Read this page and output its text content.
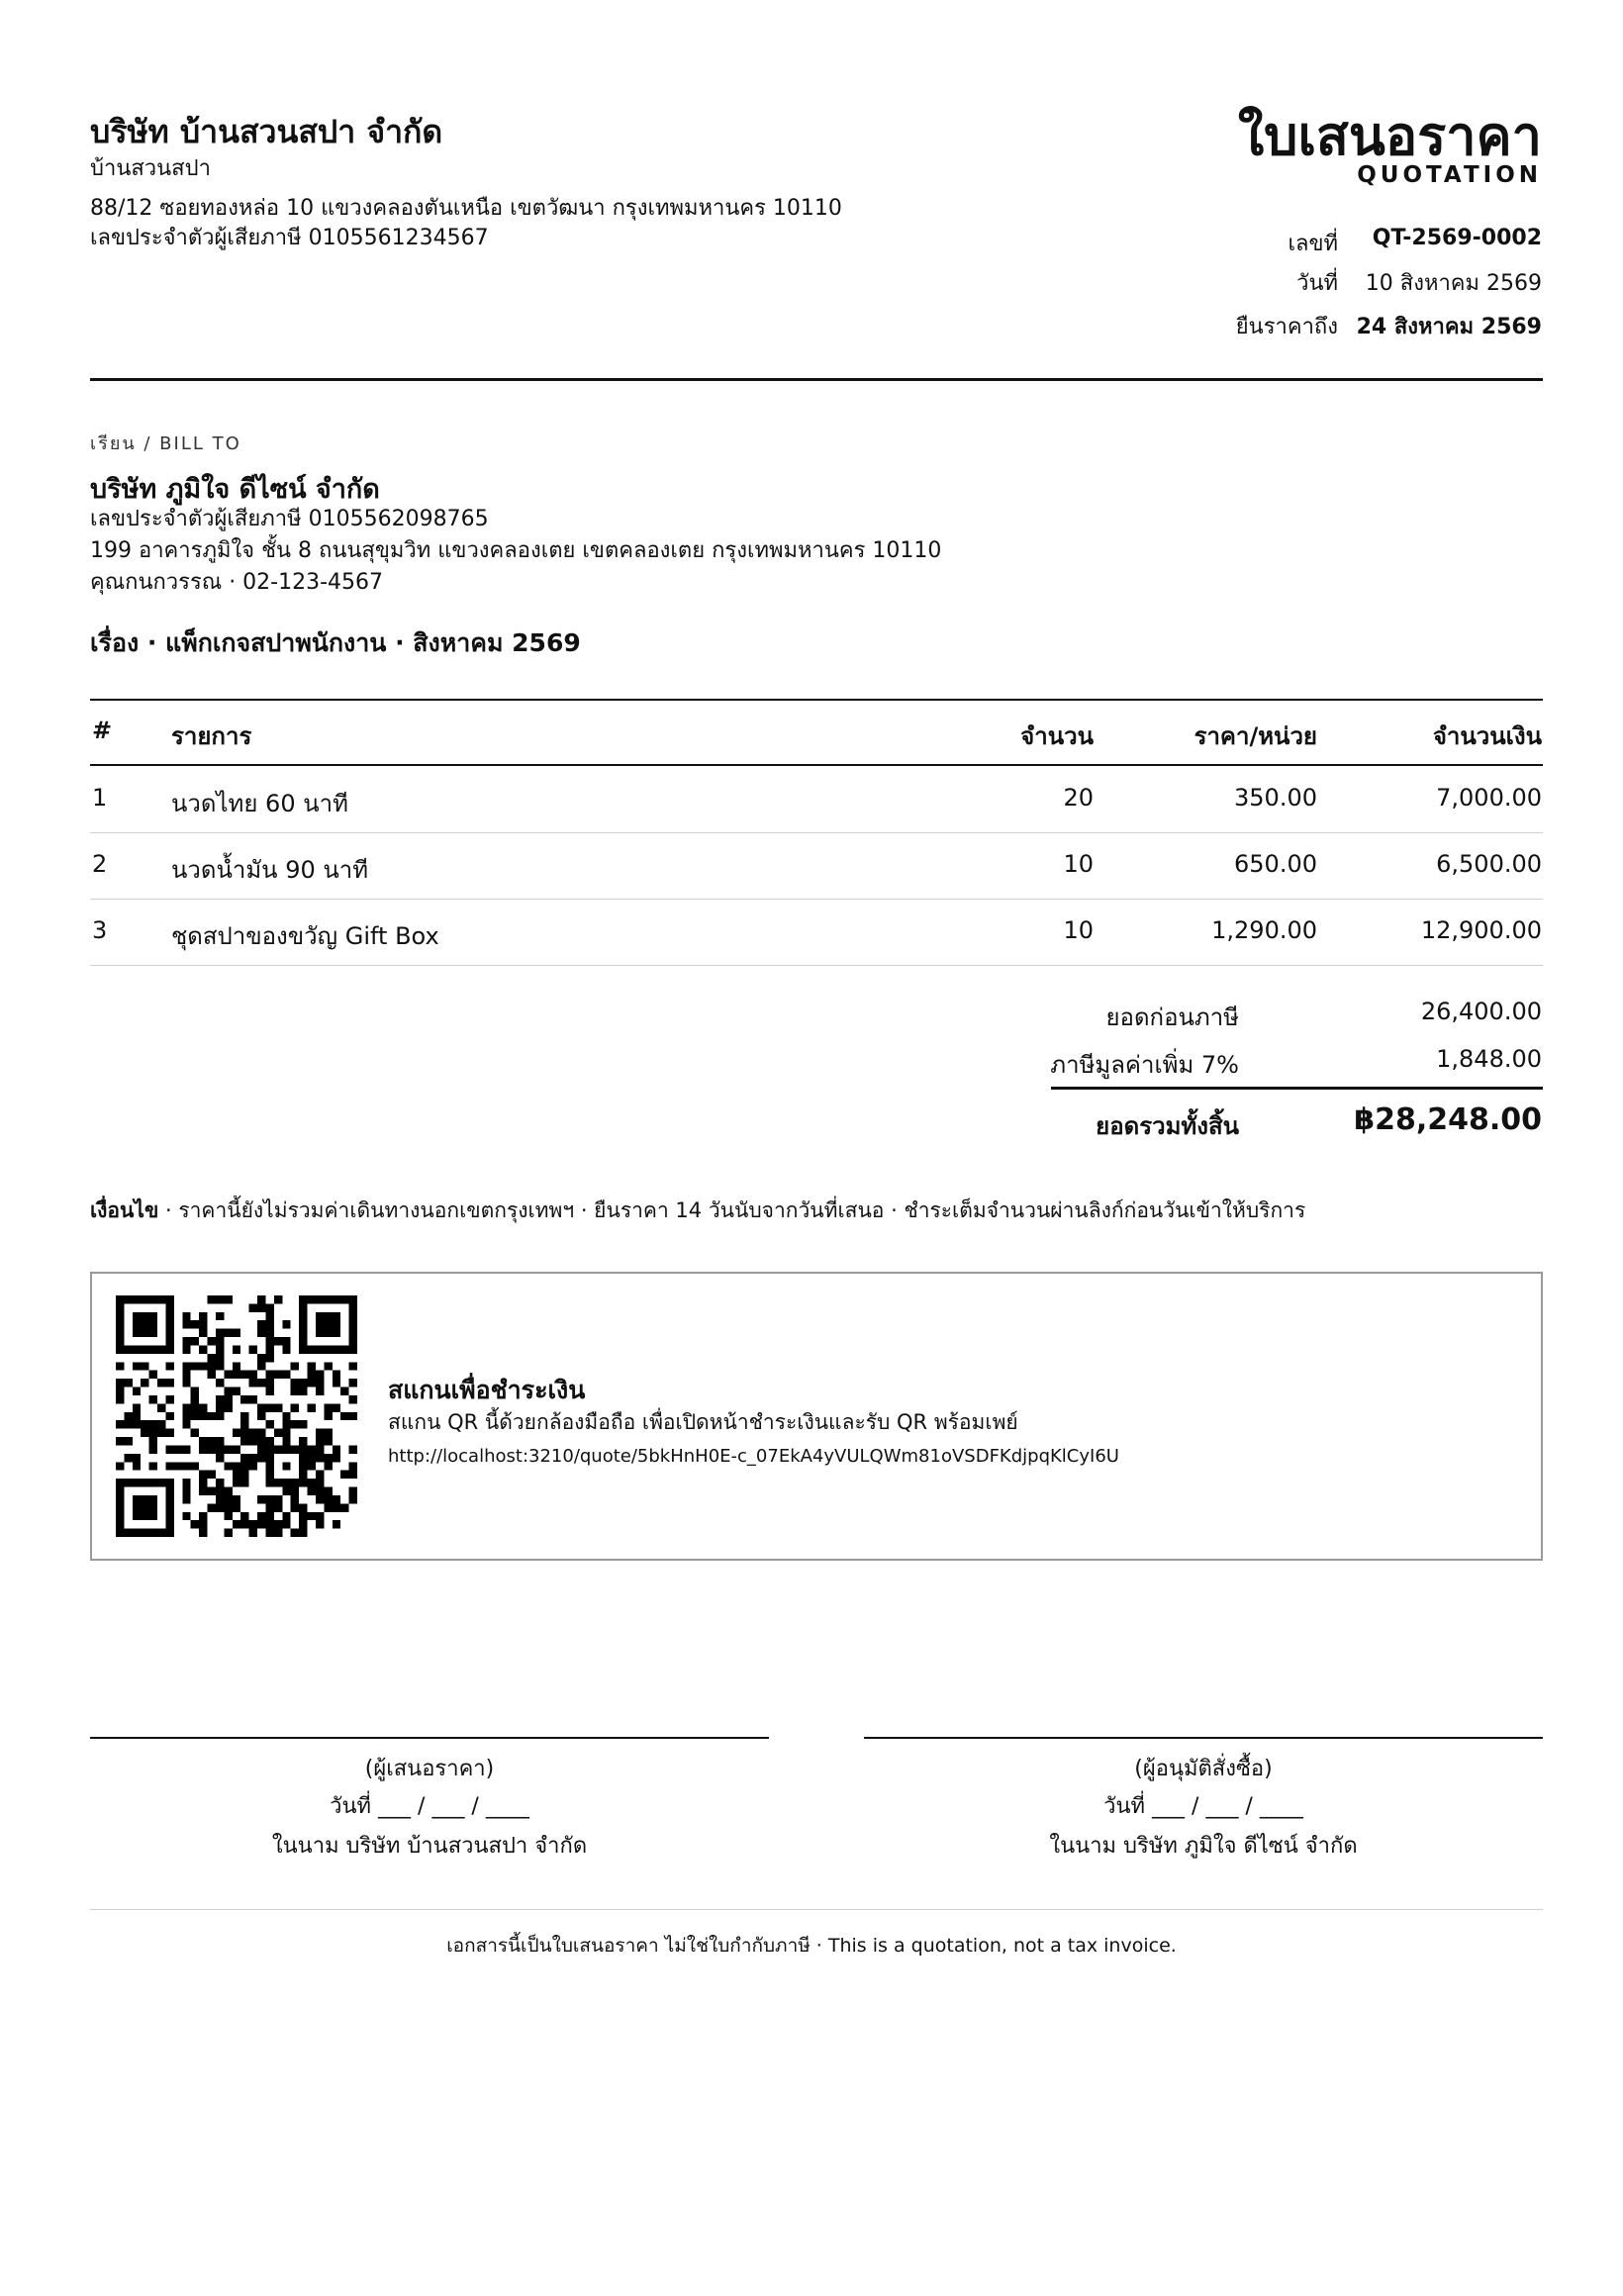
บริษัท บ้านสวนสปา จำกัด
บ้านสวนสปา
88/12 ซอยทองหล่อ 10 แขวงคลองตันเหนือ เขตวัฒนา กรุงเทพมหานคร 10110
เลขประจำตัวผู้เสียภาษี 0105561234567
ใบเสนอราคา
QUOTATION
เลขที่ QT-2569-0002
วันที่ 10 สิงหาคม 2569
ยืนราคาถึง 24 สิงหาคม 2569
เรียน / BILL TO
บริษัท ภูมิใจ ดีไซน์ จำกัด
เลขประจำตัวผู้เสียภาษี 0105562098765
199 อาคารภูมิใจ ชั้น 8 ถนนสุขุมวิท แขวงคลองเตย เขตคลองเตย กรุงเทพมหานคร 10110
คุณกนกวรรณ · 02-123-4567
เรื่อง · แพ็กเกจสปาพนักงาน · สิงหาคม 2569
# รายการ	จำนวน	ราคา/หน่วย	จำนวนเงิน
1	นวดไทย 60 นาที	20	350.00	7,000.00
2	นวดน้ำมัน 90 นาที	10	650.00	6,500.00
3	ชุดสปาของขวัญ Gift Box	10	1,290.00	12,900.00
ยอดก่อนภาษี	26,400.00
ภาษีมูลค่าเพิ่ม 7%	1,848.00
ยอดรวมทั้งสิ้น	฿28,248.00
เงื่อนไข · ราคานี้ยังไม่รวมค่าเดินทางนอกเขตกรุงเทพฯ · ยืนราคา 14 วันนับจากวันที่เสนอ · ชำระเต็มจำนวนผ่านลิงก์ก่อนวันเข้าให้บริการ
สแกนเพื่อชำระเงิน
สแกน QR นี้ด้วยกล้องมือถือ เพื่อเปิดหน้าชำระเงินและรับ QR พร้อมเพย์
http://localhost:3210/quote/5bkHnH0E-c_07EkA4yVULQWm81oVSDFKdjpqKlCyI6U
(ผู้เสนอราคา)
วันที่ ___ / ___ / ____
ในนาม บริษัท บ้านสวนสปา จำกัด
(ผู้อนุมัติสั่งซื้อ)
วันที่ ___ / ___ / ____
ในนาม บริษัท ภูมิใจ ดีไซน์ จำกัด
เอกสารนี้เป็นใบเสนอราคา ไม่ใช่ใบกำกับภาษี · This is a quotation, not a tax invoice.
